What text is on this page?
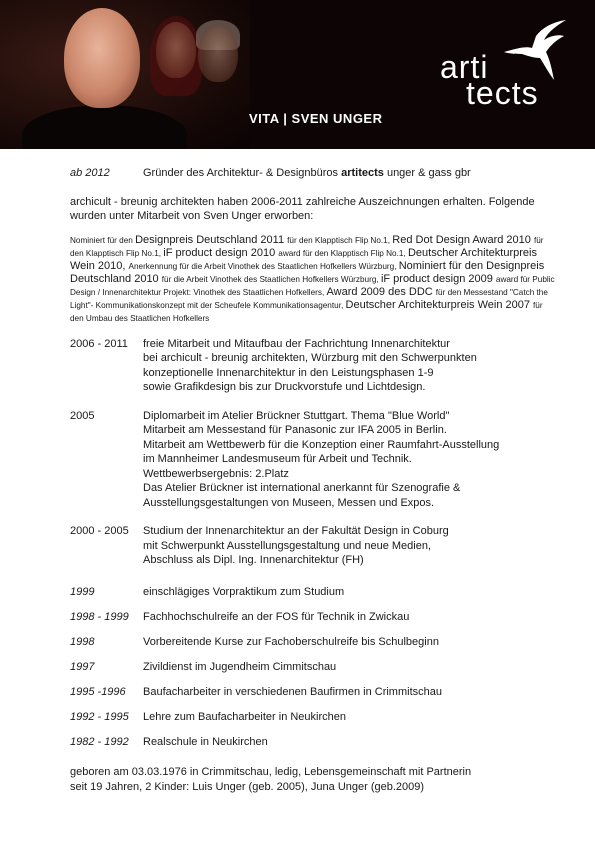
VITA | SVEN UNGER
arti
tects
ab 2012	Gründer des Architektur- & Designbüros artitects unger & gass gbr
archicult - breunig architekten haben 2006-2011 zahlreiche Auszeichnungen erhalten. Folgende wurden unter Mitarbeit von Sven Unger erworben:
Nominiert für den Designpreis Deutschland 2011 für den Klapptisch Flip No.1, Red Dot Design Award 2010 für den Klapptisch Flip No.1, iF product design 2010 award für den Klapptisch Flip No.1, Deutscher Architekturpreis Wein 2010, Anerkennung für die Arbeit Vinothek des Staatlichen Hofkellers Würzburg, Nominiert für den Designpreis Deutschland 2010 für die Arbeit Vinothek des Staatlichen Hofkellers Würzburg, iF product design 2009 award für Public Design / Innenarchitektur Projekt: Vinothek des Staatlichen Hofkellers, Award 2009 des DDC für den Messestand "Catch the Light"- Kommunikationskonzept mit der Scheufele Kommunikationsagentur, Deutscher Architekturpreis Wein 2007 für den Umbau des Staatlichen Hofkellers
2006 - 2011	freie Mitarbeit und Mitaufbau der Fachrichtung Innenarchitektur
bei archicult - breunig architekten, Würzburg mit den Schwerpunkten
konzeptionelle Innenarchitektur in den Leistungsphasen 1-9
sowie Grafikdesign bis zur Druckvorstufe und Lichtdesign.
2005	Diplomarbeit im Atelier Brückner Stuttgart. Thema "Blue World"
Mitarbeit am Messestand für Panasonic zur IFA 2005 in Berlin.
Mitarbeit am Wettbewerb für die Konzeption einer Raumfahrt-Ausstellung
im Mannheimer Landesmuseum für Arbeit und Technik.
Wettbewerbsergebnis: 2.Platz
Das Atelier Brückner ist international anerkannt für Szenografie &
Ausstellungsgestaltungen von Museen, Messen und Expos.
2000 - 2005	Studium der Innenarchitektur an der Fakultät Design in Coburg
mit Schwerpunkt Ausstellungsgestaltung und neue Medien,
Abschluss als Dipl. Ing. Innenarchitektur (FH)
1999	einschlägiges Vorpraktikum zum Studium
1998 - 1999	Fachhochschulreife an der FOS für Technik in Zwickau
1998	Vorbereitende Kurse zur Fachoberschulreife bis Schulbeginn
1997	Zivildienst im Jugendheim Cimmitschau
1995 -1996	Baufacharbeiter in verschiedenen Baufirmen in Crimmitschau
1992 - 1995	Lehre zum Baufacharbeiter in Neukirchen
1982 - 1992	Realschule in Neukirchen
geboren am 03.03.1976 in Crimmitschau, ledig, Lebensgemeinschaft mit Partnerin
seit 19 Jahren, 2 Kinder: Luis Unger (geb. 2005), Juna Unger (geb.2009)
